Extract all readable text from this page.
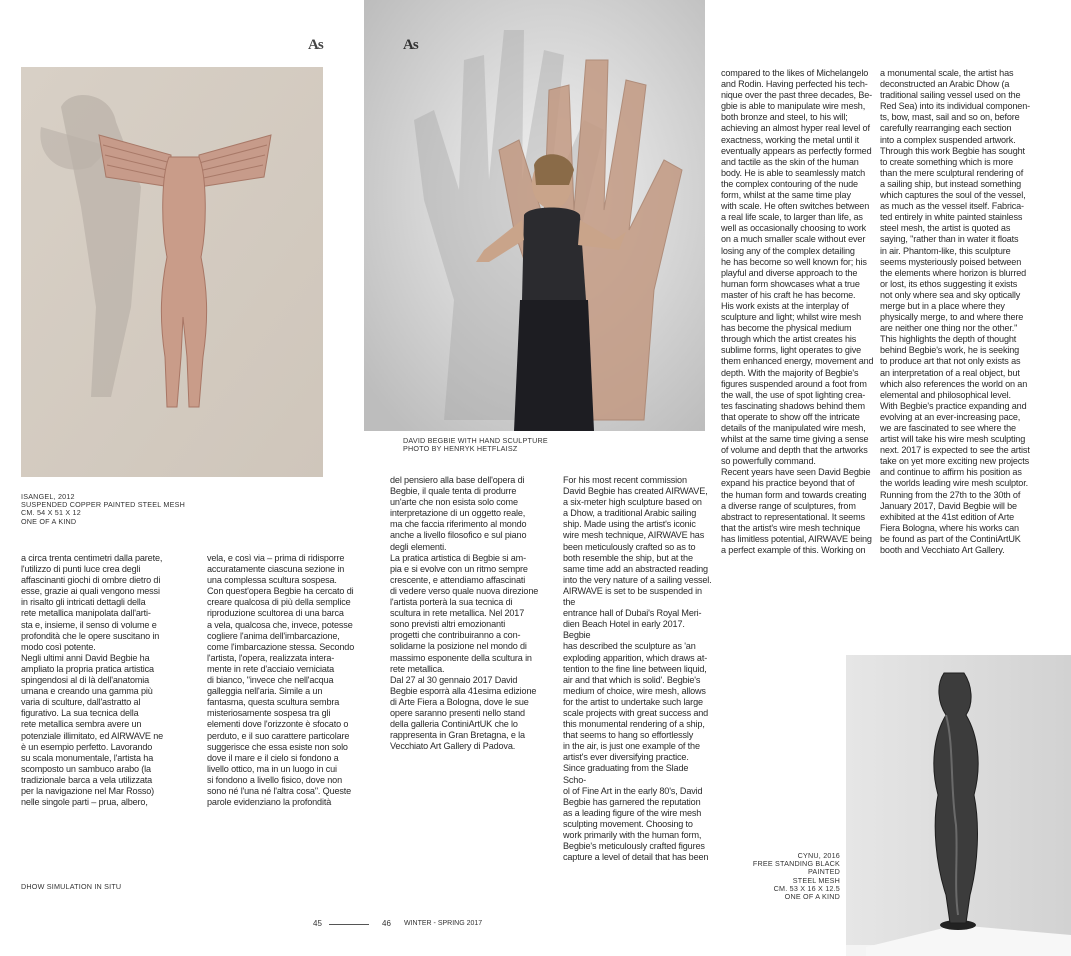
As
ISANGEL, 2012
SUSPENDED COPPER PAINTED STEEL MESH
CM. 54 X 51 X 12
ONE OF A KIND

a circa trenta centimetri dalla parete,
l'utilizzo di punti luce crea degli
affascinanti giochi di ombre dietro di
esse, grazie ai quali vengono messi
in risalto gli intricati dettagli della
rete metallica manipolata dall'arti-
sta e, insieme, il senso di volume e
profondità che le opere suscitano in
modo così potente.
Negli ultimi anni David Begbie ha
ampliato la propria pratica artistica
spingendosi al di là dell'anatomia
umana e creando una gamma più
varia di sculture, dall'astratto al
figurativo. La sua tecnica della
rete metallica sembra avere un
potenziale illimitato, ed AIRWAVE ne
è un esempio perfetto. Lavorando
su scala monumentale, l'artista ha
scomposto un sambuco arabo (la
tradizionale barca a vela utilizzata
per la navigazione nel Mar Rosso)
nelle singole parti – prua, albero,

vela, e così via – prima di ridisporre
accuratamente ciascuna sezione in
una complessa scultura sospesa.
Con quest'opera Begbie ha cercato di
creare qualcosa di più della semplice
riproduzione scultorea di una barca
a vela, qualcosa che, invece, potesse
cogliere l'anima dell'imbarcazione,
come l'imbarcazione stessa. Secondo
l'artista, l'opera, realizzata intera-
mente in rete d'acciaio verniciata
di bianco, "invece che nell'acqua
galleggia nell'aria. Simile a un
fantasma, questa scultura sembra
misteriosamente sospesa tra gli
elementi dove l'orizzonte è sfocato o
perduto, e il suo carattere particolare
suggerisce che essa esiste non solo
dove il mare e il cielo si fondono a
livello ottico, ma in un luogo in cui
si fondono a livello fisico, dove non
sono né l'una né l'altra cosa". Queste
parole evidenziano la profondità

DHOW SIMULATION IN SITU
45
As
DAVID BEGBIE WITH HAND SCULPTURE
PHOTO BY HENRYK HETFLAISZ

del pensiero alla base dell'opera di
Begbie, il quale tenta di produrre
un'arte che non esista solo come
interpretazione di un oggetto reale,
ma che faccia riferimento al mondo
anche a livello filosofico e sul piano
degli elementi.
La pratica artistica di Begbie si am-
pia e si evolve con un ritmo sempre
crescente, e attendiamo affascinati
di vedere verso quale nuova direzione
l'artista porterà la sua tecnica di
scultura in rete metallica. Nel 2017
sono previsti altri emozionanti
progetti che contribuiranno a con-
solidarne la posizione nel mondo di
massimo esponente della scultura in
rete metallica.
Dal 27 al 30 gennaio 2017 David
Begbie esporrà alla 41esima edizione
di Arte Fiera a Bologna, dove le sue
opere saranno presenti nello stand
della galleria ContiniArtUK che lo
rappresenta in Gran Bretagna, e la
Vecchiato Art Gallery di Padova.

For his most recent commission
David Begbie has created AIRWAVE,
a six-meter high sculpture based on
a Dhow, a traditional Arabic sailing
ship. Made using the artist's iconic
wire mesh technique, AIRWAVE has
been meticulously crafted so as to
both resemble the ship, but at the
same time add an abstracted reading
into the very nature of a sailing vessel.
AIRWAVE is set to be suspended in the
entrance hall of Dubai's Royal Meri-
dien Beach Hotel in early 2017. Begbie
has described the sculpture as 'an
exploding apparition, which draws at-
tention to the fine line between liquid,
air and that which is solid'. Begbie's
medium of choice, wire mesh, allows
for the artist to undertake such large
scale projects with great success and
this monumental rendering of a ship,
that seems to hang so effortlessly
in the air, is just one example of the
artist's ever diversifying practice.
Since graduating from the Slade Scho-
ol of Fine Art in the early 80's, David
Begbie has garnered the reputation
as a leading figure of the wire mesh
sculpting movement. Choosing to
work primarily with the human form,
Begbie's meticulously crafted figures
capture a level of detail that has been

compared to the likes of Michelangelo
and Rodin. Having perfected his tech-
nique over the past three decades, Be-
gbie is able to manipulate wire mesh,
both bronze and steel, to his will;
achieving an almost hyper real level of
exactness, working the metal until it
eventually appears as perfectly formed
and tactile as the skin of the human
body. He is able to seamlessly match
the complex contouring of the nude
form, whilst at the same time play
with scale. He often switches between
a real life scale, to larger than life, as
well as occasionally choosing to work
on a much smaller scale without ever
losing any of the complex detailing
he has become so well known for; his
playful and diverse approach to the
human form showcases what a true
master of his craft he has become.
His work exists at the interplay of
sculpture and light; whilst wire mesh
has become the physical medium
through which the artist creates his
sublime forms, light operates to give
them enhanced energy, movement and
depth. With the majority of Begbie's
figures suspended around a foot from
the wall, the use of spot lighting crea-
tes fascinating shadows behind them
that operate to show off the intricate
details of the manipulated wire mesh,
whilst at the same time giving a sense
of volume and depth that the artworks
so powerfully command.
Recent years have seen David Begbie
expand his practice beyond that of
the human form and towards creating
a diverse range of sculptures, from
abstract to representational. It seems
that the artist's wire mesh technique
has limitless potential, AIRWAVE being
a perfect example of this. Working on

a monumental scale, the artist has
deconstructed an Arabic Dhow (a
traditional sailing vessel used on the
Red Sea) into its individual componen-
ts, bow, mast, sail and so on, before
carefully rearranging each section
into a complex suspended artwork.
Through this work Begbie has sought
to create something which is more
than the mere sculptural rendering of
a sailing ship, but instead something
which captures the soul of the vessel,
as much as the vessel itself. Fabrica-
ted entirely in white painted stainless
steel mesh, the artist is quoted as
saying, "rather than in water it floats
in air. Phantom-like, this sculpture
seems mysteriously poised between
the elements where horizon is blurred
or lost, its ethos suggesting it exists
not only where sea and sky optically
merge but in a place where they
physically merge, to and where there
are neither one thing nor the other."
This highlights the depth of thought
behind Begbie's work, he is seeking
to produce art that not only exists as
an interpretation of a real object, but
which also references the world on an
elemental and philosophical level.
With Begbie's practice expanding and
evolving at an ever-increasing pace,
we are fascinated to see where the
artist will take his wire mesh sculpting
next. 2017 is expected to see the artist
take on yet more exciting new projects
and continue to affirm his position as
the worlds leading wire mesh sculptor.
Running from the 27th to the 30th of
January 2017, David Begbie will be
exhibited at the 41st edition of Arte
Fiera Bologna, where his works can
be found as part of the ContiniArtUK
booth and Vecchiato Art Gallery.

CYNU, 2016
FREE STANDING BLACK PAINTED
STEEL MESH
CM. 53 X 16 X 12.5
ONE OF A KIND
46 WINTER - SPRING 2017
